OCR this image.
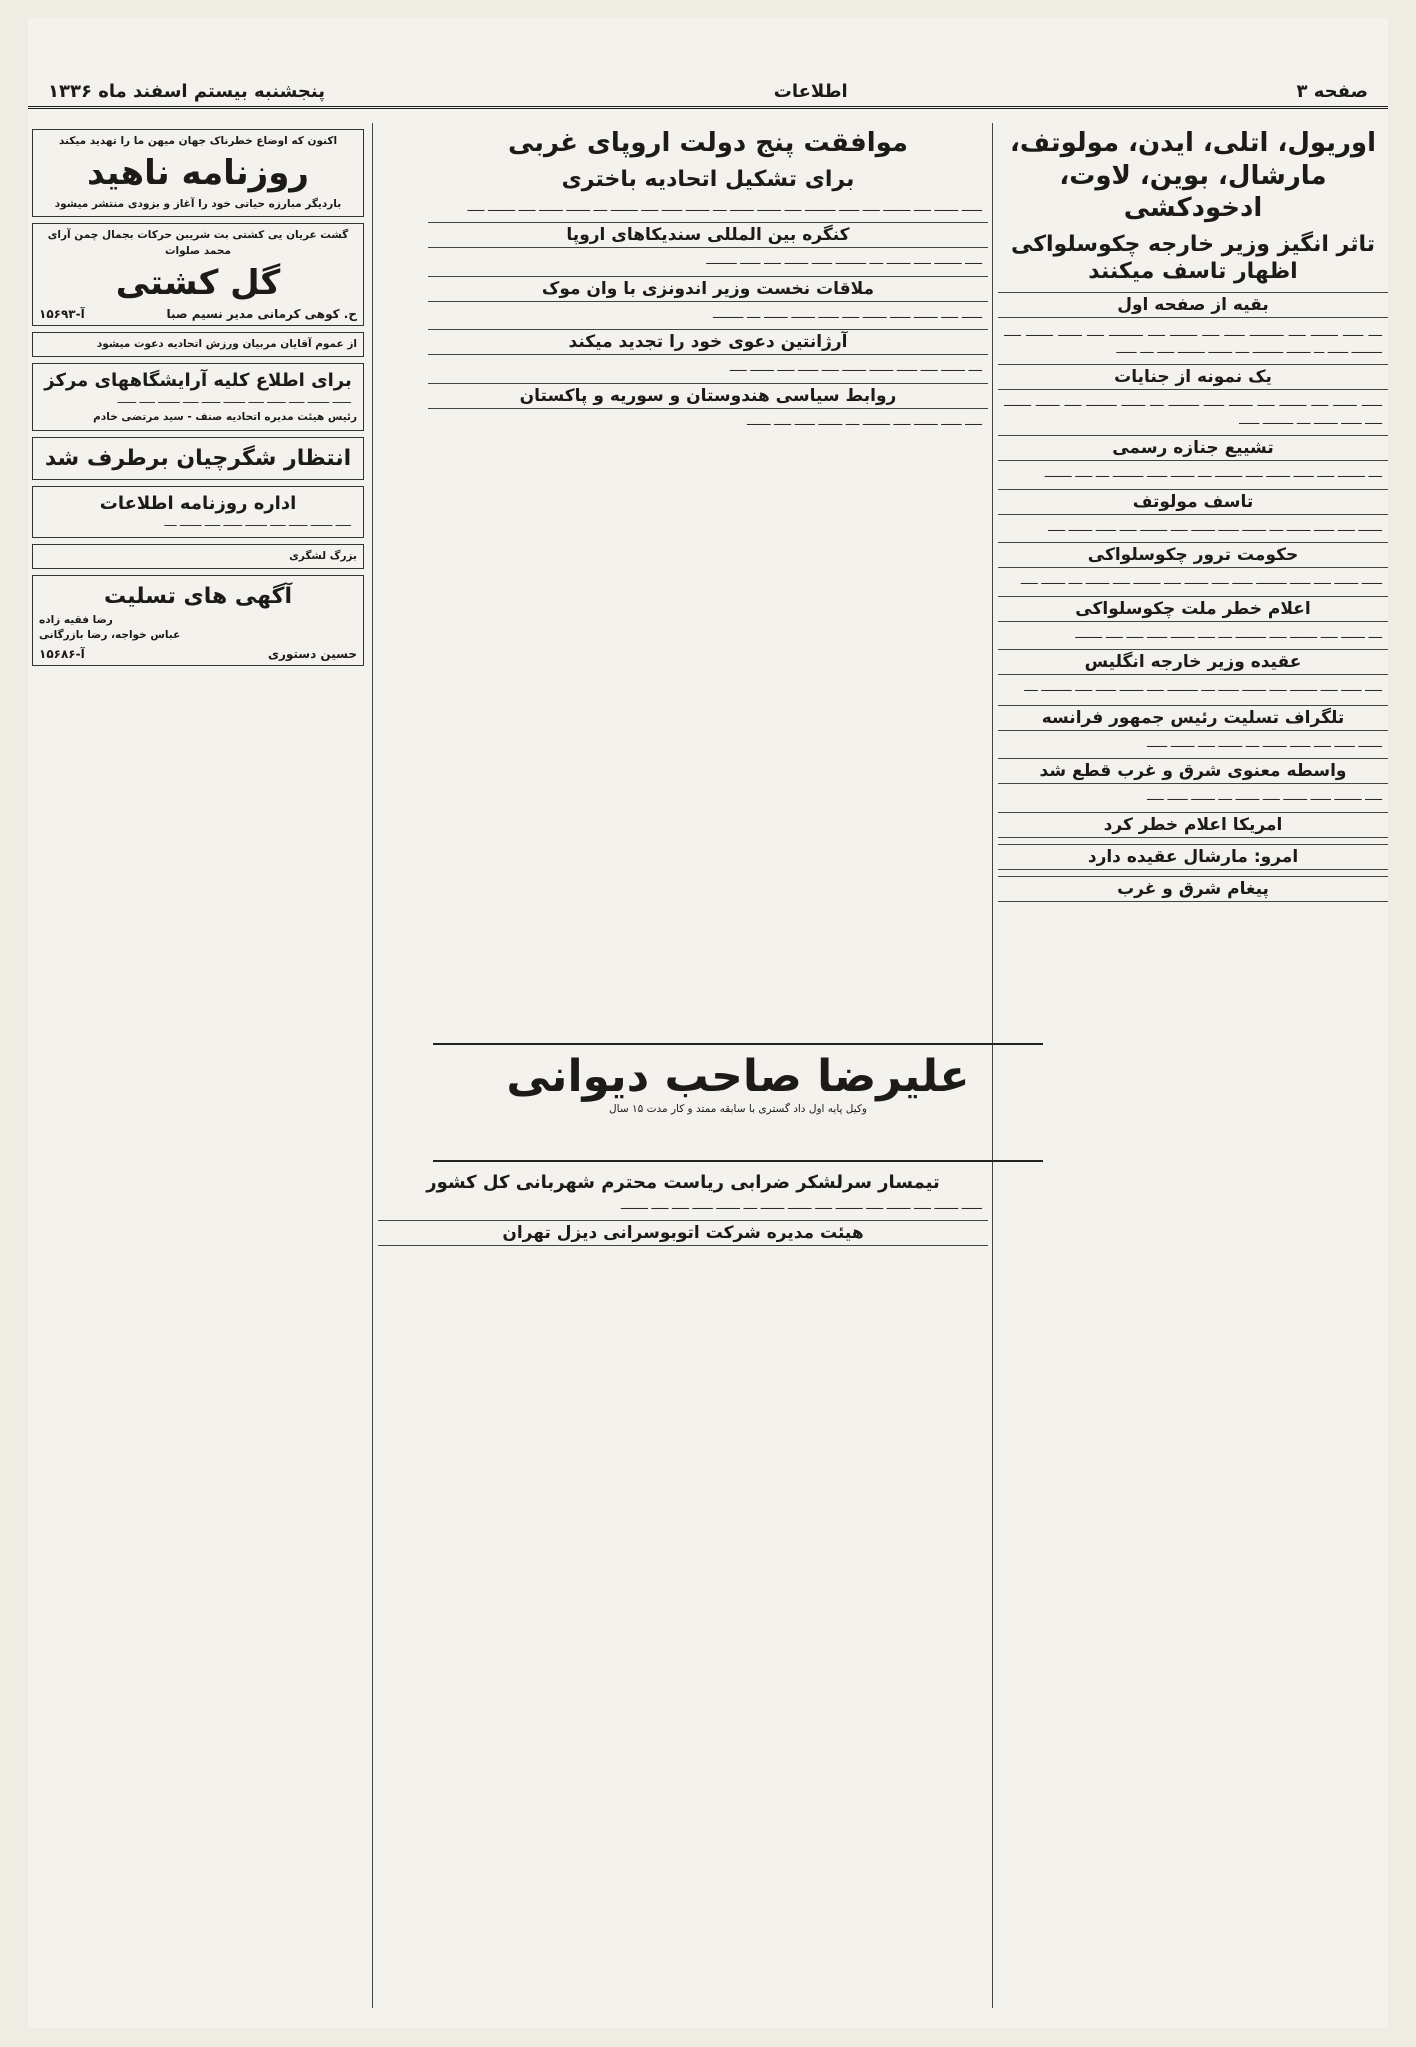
صفحه ۳
اطلاعات
پنجشنبه بیستم اسفند ماه ۱۳۳۶
اوریول، اتلی، ایدن، مولوتف، مارشال، بوین، لاوت، ادخودکشی
تاثر انگیز وزیر خارجه چکوسلواکی اظهار تاسف میکنند
بقیه از صفحه اول
ــــ ــــــ ــــــــ ـــــ ــــــــــ ــــــ ـــــ ــــــــ ـــــ ــــــــــ ـــــ ـــــــ ــــــــ ـــــ ـــــــــ ــــــ ـــ ـــــــ ـــــــــ ــــ ـــــــ ــــــــ ـــــ ــــ ــــــ
یک نمونه از جنایات
ــــــ ـــــــ ـــــ ــــــــ ـــــ ـــــــ ــــــ ـــــــــ ــــ ـــــــ ـــــــــ ـــــ ـــــــ ــــــــ ـــــ ــــــ ـــــــ ــــ ـــــــــ ــــــ
تشییع جنازه رسمی
ــــ ــــــــ ـــــ ــــــ ـــــــ ـــــ ــــــــ ــــ ـــــــ ــــــ ـــــــــ ــــ ـــــ ــــــــ
تاسف مولوتف
ـــــــ ـــــ ــــــ ـــــــ ــــ ـــــــ ــــــ ـــــــ ـــــ ــــــــ ـــــ ــــــ ـــــــ ـــــ
حکومت ترور چکوسلواکی
ــــــ ـــــــ ـــــ ــــــ ـــــــــ ــــــ ـــــ ـــــــ ـــــ ــــــــ ـــــ ـــــــ ــــ ـــــــ ـــــ
اعلام خطر ملت چکوسلواکی
ــــ ـــــــ ـــــ ــــــــ ـــــ ـــــــــ ــــ ـــــ ـــــــ ــــــ ـــــ ـــــ ــــــــ
عقیده وزیر خارجه انگلیس
ـــــ ــــــ ـــــ ــــــــ ـــــ ـــــــ ــــــ ــــ ـــــــــ ـــــ ـــــــ ــــــ ـــــ ـــــــــ ــــ
تلگراف تسلیت رئیس جمهور فرانسه
ـــــــ ــــــ ـــــ ــــــ ـــــــ ــــ ـــــــ ـــــ ـــــــ ــــــ
واسطه معنوی شرق و غرب قطع شد
ـــــ ــــــــ ــــــ ـــــــ ـــــ ـــــــ ــــ ـــــــ ــــــ ـــــ
امریکا اعلام خطر کرد
امرو: مارشال عقیده دارد
پیغام شرق و غرب
موافقت پنج دولت اروپای غربی
برای تشکیل اتحادیه باختری
ــــــ ـــــــ ـــــ ــــــــ ـــــ ــــــ ـــــــــ ـــــ ـــــــ ـــــــ ــــ ـــــــ ــــــ ـــــ ــــــــ ــــ ـــــــ ـــــــ ـــــ ــــــــ ـــــ
کنگره بین المللی سندیکاهای اروپا
ـــــ ــــــــ ـــــ ـــــــ ــــ ـــــــــ ــــــ ـــــــ ـــــ ــــــ ـــــــــ
ملاقات نخست وزیر اندونزی با وان موک
ــــــ ـــــ ـــــــ ــــــ ـــــــ ـــــ ــــــ ـــــــ ـــــــ ــــ ـــــــــ
آرژانتین دعوی خود را تجدید میکند
ــــ ـــــــ ـــــ ــــــ ـــــــ ـــــــ ـــــ ــــــ ـــــ ـــــــ ـــــ
روابط سیاسی هندوستان و سوریه و پاکستان
ـــــ ــــــ ـــــــ ـــــ ــــــــ ــــ ـــــــ ــــــ ـــــ ـــــــ
علیرضا صاحب دیوانی
وکیل پایه اول داد گستری با سابقه ممتد و کار مدت ۱۵ سال
تیمسار سرلشکر ضرابی ریاست محترم شهربانی کل کشور
ــــــ ـــــــ ـــــ ـــــــ ـــــ ــــــــ ـــــ ـــــــ ـــــــ ــــ ـــــــ ــــــ ـــــ ـــــ ــــــــ
هیئت مدیره شرکت اتوبوسرانی دیزل تهران
اکنون که اوضاع خطرناک جهان میهن ما را تهدید میکند
روزنامه ناهید
باردیگر مبارزه حیاتی خود را آغاز و بزودی منتشر میشود
گشت عریان یی کشتی بت شریبن حرکات بجمال چمن آرای محمد صلوات
گل کشتی
ح. کوهی کرمانی مدیر نسیم صبا
آ-۱۵۶۹۳
از عموم آقایان مربیان ورزش اتحادیه دعوت میشود
برای اطلاع کلیه آرایشگاههای مرکز
ــــــ ـــــــ ـــــ ــــــ ـــــ ـــــــ ــــــ ـــــ ـــــــ ـــــ ــــــ
رئیس هیئت مدیره اتحادیه صنف - سید مرتضی خادم
انتظار شگرچیان برطرف شد
اداره روزنامه اطلاعات
ـــــ ـــــــ ــــــ ـــــ ـــــــ ــــــ ـــــ ـــــــ ــــ
بزرگ لشگری
آگهی های تسلیت
رضا فقیه زاده
عباس خواجه، رضا بازرگانی
حسین دستوری
آ-۱۵۶۸۶
